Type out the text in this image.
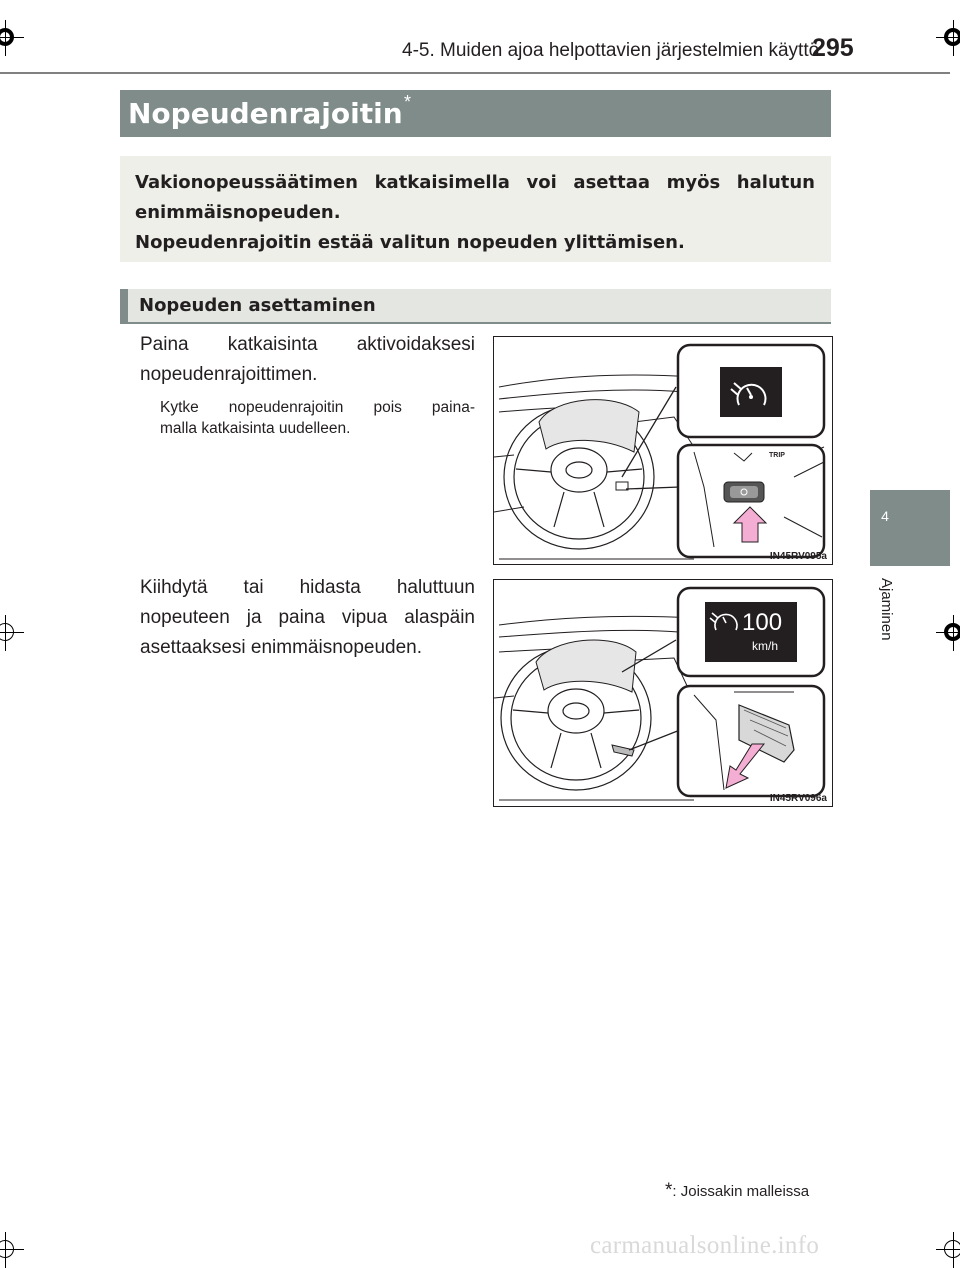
4-5. Muiden ajoa helpottavien järjestelmien käyttö
295
Nopeudenrajoitin *
Vakionopeussäätimen katkaisimella voi asettaa myös halutun
enimmäisnopeuden.
Nopeudenrajoitin estää valitun nopeuden ylittämisen.
Nopeuden asettaminen
Paina katkaisinta aktivoidaksesi
nopeudenrajoittimen.
Kytke nopeudenrajoitin pois paina-
malla katkaisinta uudelleen.
TRIP
IN45RV095a
Kiihdytä tai hidasta haluttuun
nopeuteen ja paina vipua alaspäin
asettaaksesi enimmäisnopeuden.
100
km/h
IN45RV096a
4
Ajaminen
*: Joissakin malleissa
carmanualsonline.info
